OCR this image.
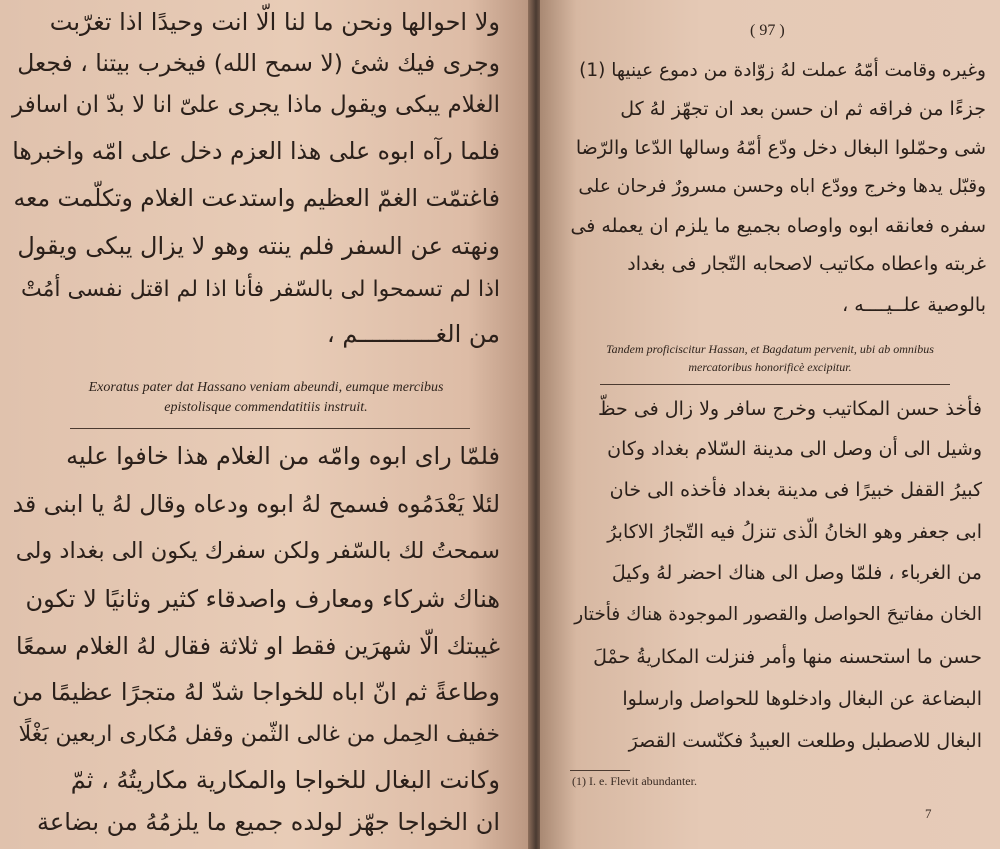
ولا احوالها ونحن ما لنا الّا انت وحيدًا اذا تغرّبت

وجرى فيك شئ (لا سمح الله) فيخرب بيتنا ، فجعل

الغلام يبكى ويقول ماذا يجرى علىّ انا لا بدّ ان اسافر

فلما رآه ابوه على هذا العزم دخل على امّه واخبرها

فاغتمّت الغمّ العظيم واستدعت الغلام وتكلّمت معه

ونهته عن السفر فلم ينته وهو لا يزال يبكى ويقول

اذا لم تسمحوا لى بالسّفر فأنا اذا لم اقتل نفسى أمُتْ

من الغـــــــــــم ،

Exoratus pater dat Hassano veniam abeundi, eumque mercibus

epistolisque commendatitiis instruit.

فلمّا راى ابوه وامّه من الغلام هذا خافوا عليه

لئلا يَعْدَمُوه فسمح لهُ ابوه ودعاه وقال لهُ يا ابنى قد

سمحتُ لك بالسّفر ولكن سفرك يكون الى بغداد ولى

هناك شركاء ومعارف واصدقاء كثير وثانيًا لا تكون

غيبتك الّا شهرَين فقط او ثلاثة فقال لهُ الغلام سمعًا

وطاعةً ثم انّ اباه للخواجا شدّ لهُ متجرًا عظيمًا من

خفيف الحِمل من غالى الثّمن وقفل مُكارى اربعين بَغْلًا

وكانت البغال للخواجا والمكارية مكاريتُهُ ، ثمّ

ان الخواجا جهّز لولده جميع ما يلزمُهُ من بضاعة

( 97 )

وغيره وقامت أمّهُ عملت لهُ زوّادة من دموع عينيها (1)

جزءًا من فراقه ثم ان حسن بعد ان تجهّز لهُ كل

شى وحمّلوا البغال دخل ودّع أمّهُ وسالها الدّعا والرّضا

وقبّل يدها وخرج وودّع اباه وحسن مسرورٌ فرحان على

سفره فعانقه ابوه واوصاه بجميع ما يلزم ان يعمله فى

غربته واعطاه مكاتيب لاصحابه التّجار فى بغداد

بالوصية علــيــــه ،

Tandem proficiscitur Hassan, et Bagdatum pervenit, ubi ab omnibus

mercatoribus honorificè excipitur.

فأخذ حسن المكاتيب وخرج سافر ولا زال فى حظّ

وشيل الى أن وصل الى مدينة السّلام بغداد وكان

كبيرُ القفل خبيرًا فى مدينة بغداد فأخذه الى خان

ابى جعفر وهو الخانُ الّذى تنزلُ فيه التّجارُ الاكابرُ

من الغرباء ، فلمّا وصل الى هناك احضر لهُ وكيلَ

الخان مفاتيحَ الحواصل والقصور الموجودة هناك فأختار

حسن ما استحسنه منها وأمر فنزلت المكاريةُ حمْلَ

البضاعة عن البغال وادخلوها للحواصل وارسلوا

البغال للاصطبل وطلعت العبيدُ فكنّست القصرَ

(1) I. e. Flevit abundanter.
7
